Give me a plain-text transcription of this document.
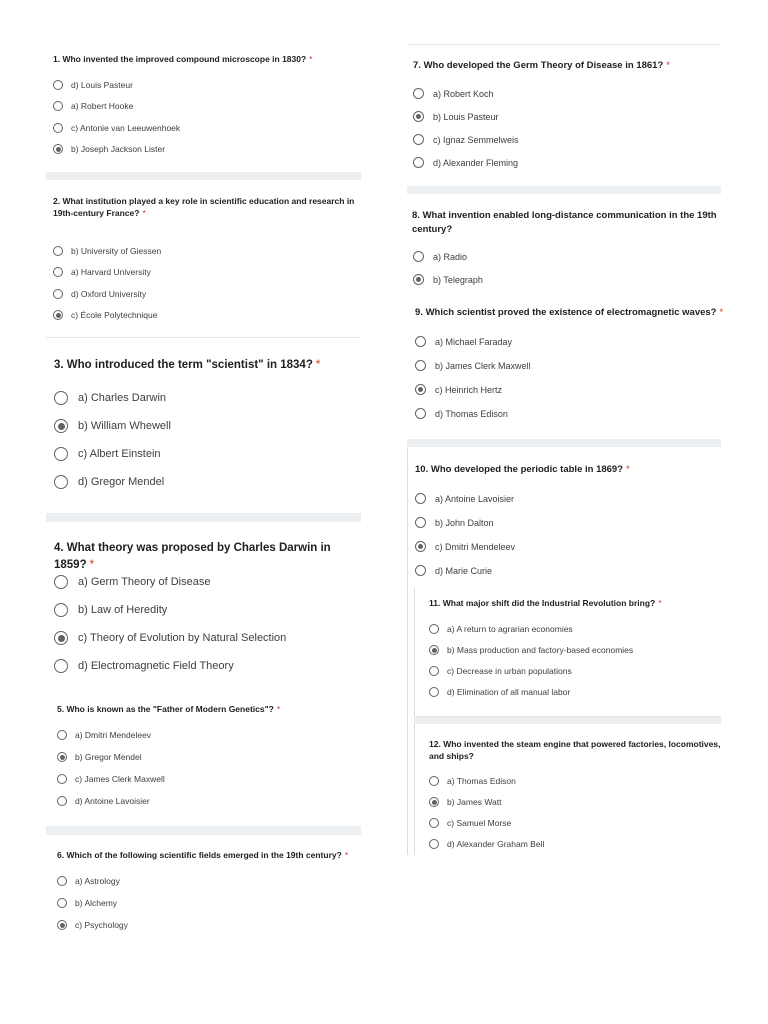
1. Who invented the improved compound microscope in 1830? *
d) Louis Pasteur
a) Robert Hooke
c) Antonie van Leeuwenhoek
b) Joseph Jackson Lister
2. What institution played a key role in scientific education and research in 19th-century France? *
b) University of Giessen
a) Harvard University
d) Oxford University
c) École Polytechnique
3. Who introduced the term "scientist" in 1834? *
a) Charles Darwin
b) William Whewell
c) Albert Einstein
d) Gregor Mendel
4. What theory was proposed by Charles Darwin in 1859? *
a) Germ Theory of Disease
b) Law of Heredity
c) Theory of Evolution by Natural Selection
d) Electromagnetic Field Theory
5. Who is known as the "Father of Modern Genetics"? *
a) Dmitri Mendeleev
b) Gregor Mendel
c) James Clerk Maxwell
d) Antoine Lavoisier
6. Which of the following scientific fields emerged in the 19th century? *
a) Astrology
b) Alchemy
c) Psychology
7. Who developed the Germ Theory of Disease in 1861? *
a) Robert Koch
b) Louis Pasteur
c) Ignaz Semmelweis
d) Alexander Fleming
8. What invention enabled long-distance communication in the 19th century?
a) Radio
b) Telegraph
9. Which scientist proved the existence of electromagnetic waves? *
a) Michael Faraday
b) James Clerk Maxwell
c) Heinrich Hertz
d) Thomas Edison
10. Who developed the periodic table in 1869? *
a) Antoine Lavoisier
b) John Dalton
c) Dmitri Mendeleev
d) Marie Curie
11. What major shift did the Industrial Revolution bring? *
a) A return to agrarian economies
b) Mass production and factory-based economies
c) Decrease in urban populations
d) Elimination of all manual labor
12. Who invented the steam engine that powered factories, locomotives, and ships?
a) Thomas Edison
b) James Watt
c) Samuel Morse
d) Alexander Graham Bell
